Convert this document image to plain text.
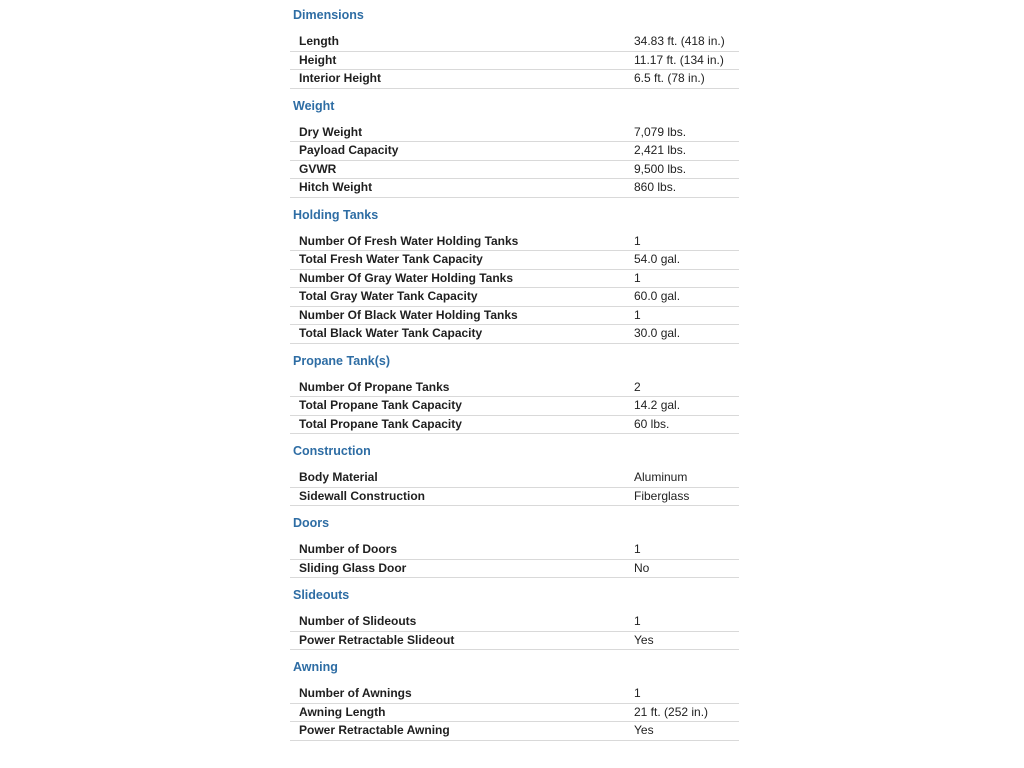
Dimensions
Length	34.83 ft. (418 in.)
Height	11.17 ft. (134 in.)
Interior Height	6.5 ft. (78 in.)
Weight
Dry Weight	7,079 lbs.
Payload Capacity	2,421 lbs.
GVWR	9,500 lbs.
Hitch Weight	860 lbs.
Holding Tanks
Number Of Fresh Water Holding Tanks	1
Total Fresh Water Tank Capacity	54.0 gal.
Number Of Gray Water Holding Tanks	1
Total Gray Water Tank Capacity	60.0 gal.
Number Of Black Water Holding Tanks	1
Total Black Water Tank Capacity	30.0 gal.
Propane Tank(s)
Number Of Propane Tanks	2
Total Propane Tank Capacity	14.2 gal.
Total Propane Tank Capacity	60 lbs.
Construction
Body Material	Aluminum
Sidewall Construction	Fiberglass
Doors
Number of Doors	1
Sliding Glass Door	No
Slideouts
Number of Slideouts	1
Power Retractable Slideout	Yes
Awning
Number of Awnings	1
Awning Length	21 ft. (252 in.)
Power Retractable Awning	Yes
